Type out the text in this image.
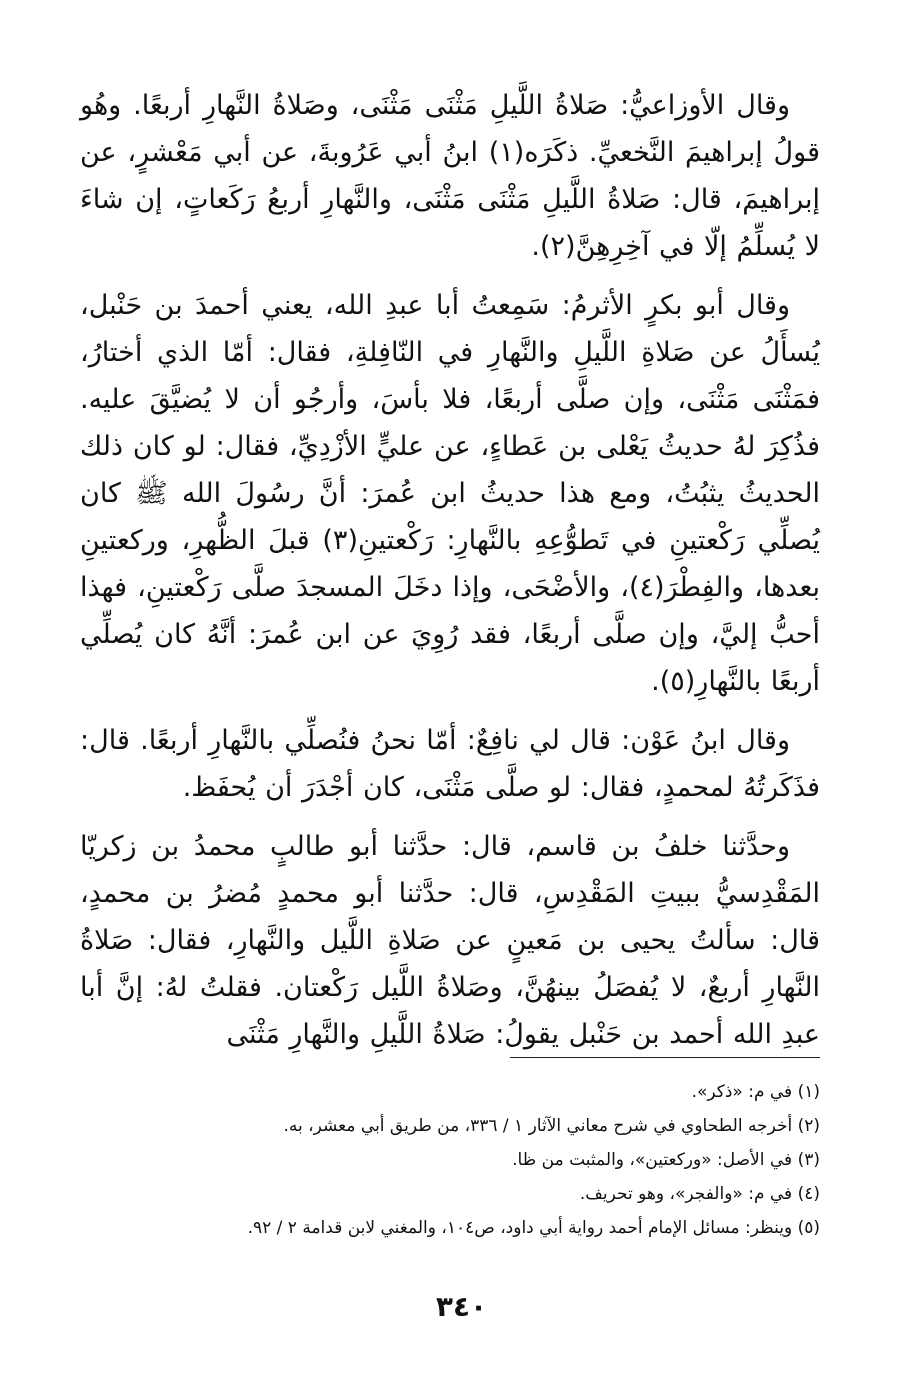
وقال الأوزاعيُّ: صَلاةُ اللَّيلِ مَثْنَى مَثْنَى، وصَلاةُ النَّهارِ أربعًا. وهُو قولُ إبراهيمَ النَّخعيِّ. ذكَرَه(١) ابنُ أبي عَرُوبةَ، عن أبي مَعْشرٍ، عن إبراهيمَ، قال: صَلاةُ اللَّيلِ مَثْنَى مَثْنَى، والنَّهارِ أربعُ رَكَعاتٍ، إن شاءَ لا يُسلِّمُ إلّا في آخِرِهِنَّ(٢).

وقال أبو بكرٍ الأثرمُ: سَمِعتُ أبا عبدِ الله، يعني أحمدَ بن حَنْبل، يُسأَلُ عن صَلاةِ اللَّيلِ والنَّهارِ في النّافِلةِ، فقال: أمّا الذي أختارُ، فمَثْنَى مَثْنَى، وإن صلَّى أربعًا، فلا بأسَ، وأرجُو أن لا يُضيَّقَ عليه. فذُكِرَ لهُ حديثُ يَعْلى بن عَطاءٍ، عن عليٍّ الأزْدِيِّ، فقال: لو كان ذلك الحديثُ يثبُتُ، ومع هذا حديثُ ابن عُمرَ: أنَّ رسُولَ الله ﷺ كان يُصلِّي رَكْعتينِ في تَطوُّعِهِ بالنَّهارِ: رَكْعتينِ(٣) قبلَ الظُّهرِ، وركعتينِ بعدها، والفِطْرَ(٤)، والأضْحَى، وإذا دخَلَ المسجدَ صلَّى رَكْعتينِ، فهذا أحبُّ إليَّ، وإن صلَّى أربعًا، فقد رُوِيَ عن ابن عُمرَ: أنَّهُ كان يُصلِّي أربعًا بالنَّهارِ(٥).

وقال ابنُ عَوْن: قال لي نافِعٌ: أمّا نحنُ فنُصلِّي بالنَّهارِ أربعًا. قال: فذَكَرتُهُ لمحمدٍ، فقال: لو صلَّى مَثْنَى، كان أجْدَرَ أن يُحفَظ.

وحدَّثنا خلفُ بن قاسم، قال: حدَّثنا أبو طالبٍ محمدُ بن زكريّا المَقْدِسيُّ ببيتِ المَقْدِسِ، قال: حدَّثنا أبو محمدٍ مُضرُ بن محمدٍ، قال: سألتُ يحيى بن مَعينٍ عن صَلاةِ اللَّيل والنَّهارِ، فقال: صَلاةُ النَّهارِ أربعٌ، لا يُفصَلُ بينهُنَّ، وصَلاةُ اللَّيل رَكْعتان. فقلتُ لهُ: إنَّ أبا عبدِ الله أحمد بن حَنْبل يقولُ: صَلاةُ اللَّيلِ والنَّهارِ مَثْنَى

(١) في م: «ذكر».

(٢) أخرجه الطحاوي في شرح معاني الآثار ١ / ٣٣٦، من طريق أبي معشر، به.

(٣) في الأصل: «وركعتين»، والمثبت من ظا.

(٤) في م: «والفجر»، وهو تحريف.

(٥) وينظر: مسائل الإمام أحمد رواية أبي داود، ص١٠٤، والمغني لابن قدامة ٢ / ٩٢.

٣٤٠
